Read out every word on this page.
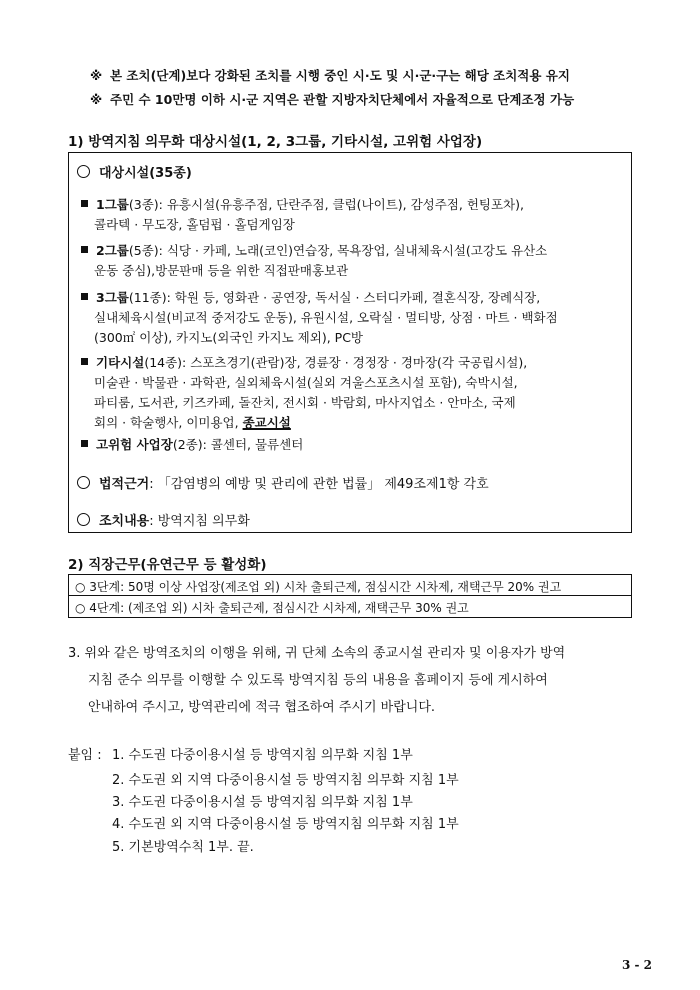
※ 본 조치(단계)보다 강화된 조치를 시행 중인 시·도 및 시·군·구는 해당 조치적용 유지
※ 주민 수 10만명 이하 시·군 지역은 관할 지방자치단체에서 자율적으로 단계조정 가능
1) 방역지침 의무화 대상시설(1, 2, 3그룹, 기타시설, 고위험 사업장)
대상시설(35종)
1그룹(3종): 유흥시설(유흥주점, 단란주점, 클럽(나이트), 감성주점, 헌팅포차),
콜라텍 · 무도장, 홀덤펍 · 홀덤게임장
2그룹(5종): 식당 · 카페, 노래(코인)연습장, 목욕장업, 실내체육시설(고강도 유산소
운동 중심),방문판매 등을 위한 직접판매홍보관
3그룹(11종): 학원 등, 영화관 · 공연장, 독서실 · 스터디카페, 결혼식장, 장례식장,
실내체육시설(비교적 중저강도 운동), 유원시설, 오락실 · 멀티방, 상점 · 마트 · 백화점
(300㎡ 이상), 카지노(외국인 카지노 제외), PC방
기타시설(14종): 스포츠경기(관람)장, 경륜장 · 경정장 · 경마장(각 국공립시설),
미술관 · 박물관 · 과학관, 실외체육시설(실외 겨울스포츠시설 포함), 숙박시설,
파티룸, 도서관, 키즈카페, 돌잔치, 전시회 · 박람회, 마사지업소 · 안마소, 국제
회의 · 학술행사, 이미용업, 종교시설
고위험 사업장(2종): 콜센터, 물류센터
법적근거: 「감염병의 예방 및 관리에 관한 법률」 제49조제1항 각호
조치내용: 방역지침 의무화
2) 직장근무(유연근무 등 활성화)
○ 3단계: 50명 이상 사업장(제조업 외) 시차 출퇴근제, 점심시간 시차제, 재택근무 20% 권고
○ 4단계: (제조업 외) 시차 출퇴근제, 점심시간 시차제, 재택근무 30% 권고
3. 위와 같은 방역조치의 이행을 위해, 귀 단체 소속의 종교시설 관리자 및 이용자가 방역
지침 준수 의무를 이행할 수 있도록 방역지침 등의 내용을 홈페이지 등에 게시하여
안내하여 주시고, 방역관리에 적극 협조하여 주시기 바랍니다.
붙임 : 1. 수도권 다중이용시설 등 방역지침 의무화 지침 1부
2. 수도권 외 지역 다중이용시설 등 방역지침 의무화 지침 1부
3. 수도권 다중이용시설 등 방역지침 의무화 지침 1부
4. 수도권 외 지역 다중이용시설 등 방역지침 의무화 지침 1부
5. 기본방역수칙 1부. 끝.
3 - 2
